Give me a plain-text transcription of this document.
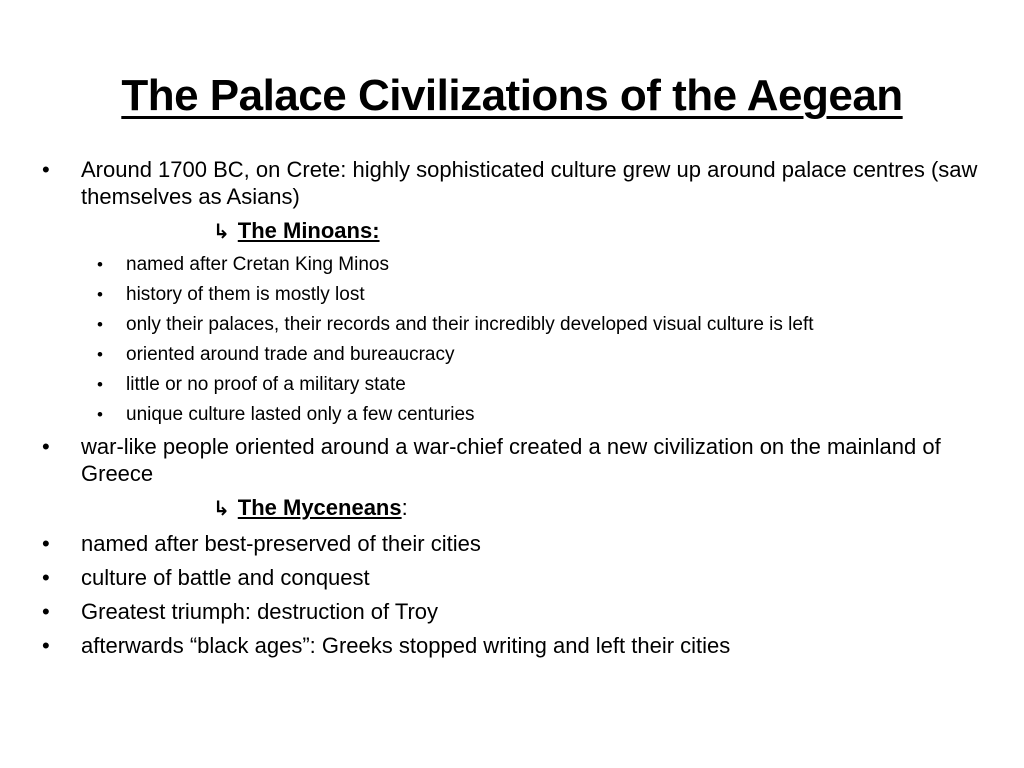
The Palace Civilizations of the Aegean
• Around 1700 BC, on Crete: highly sophisticated culture grew up around palace centres (saw themselves as Asians)
↳ The Minoans:
• named after Cretan King Minos
• history of them is mostly lost
• only their palaces, their records and their incredibly developed visual culture is left
• oriented around trade and bureaucracy
• little or no proof of a military state
• unique culture lasted only a few centuries
• war-like people oriented around a war-chief created a new civilization on the mainland of Greece
↳ The Myceneans:
• named after best-preserved of their cities
• culture of battle and conquest
• Greatest triumph: destruction of Troy
• afterwards “black ages”: Greeks stopped writing and left their cities
